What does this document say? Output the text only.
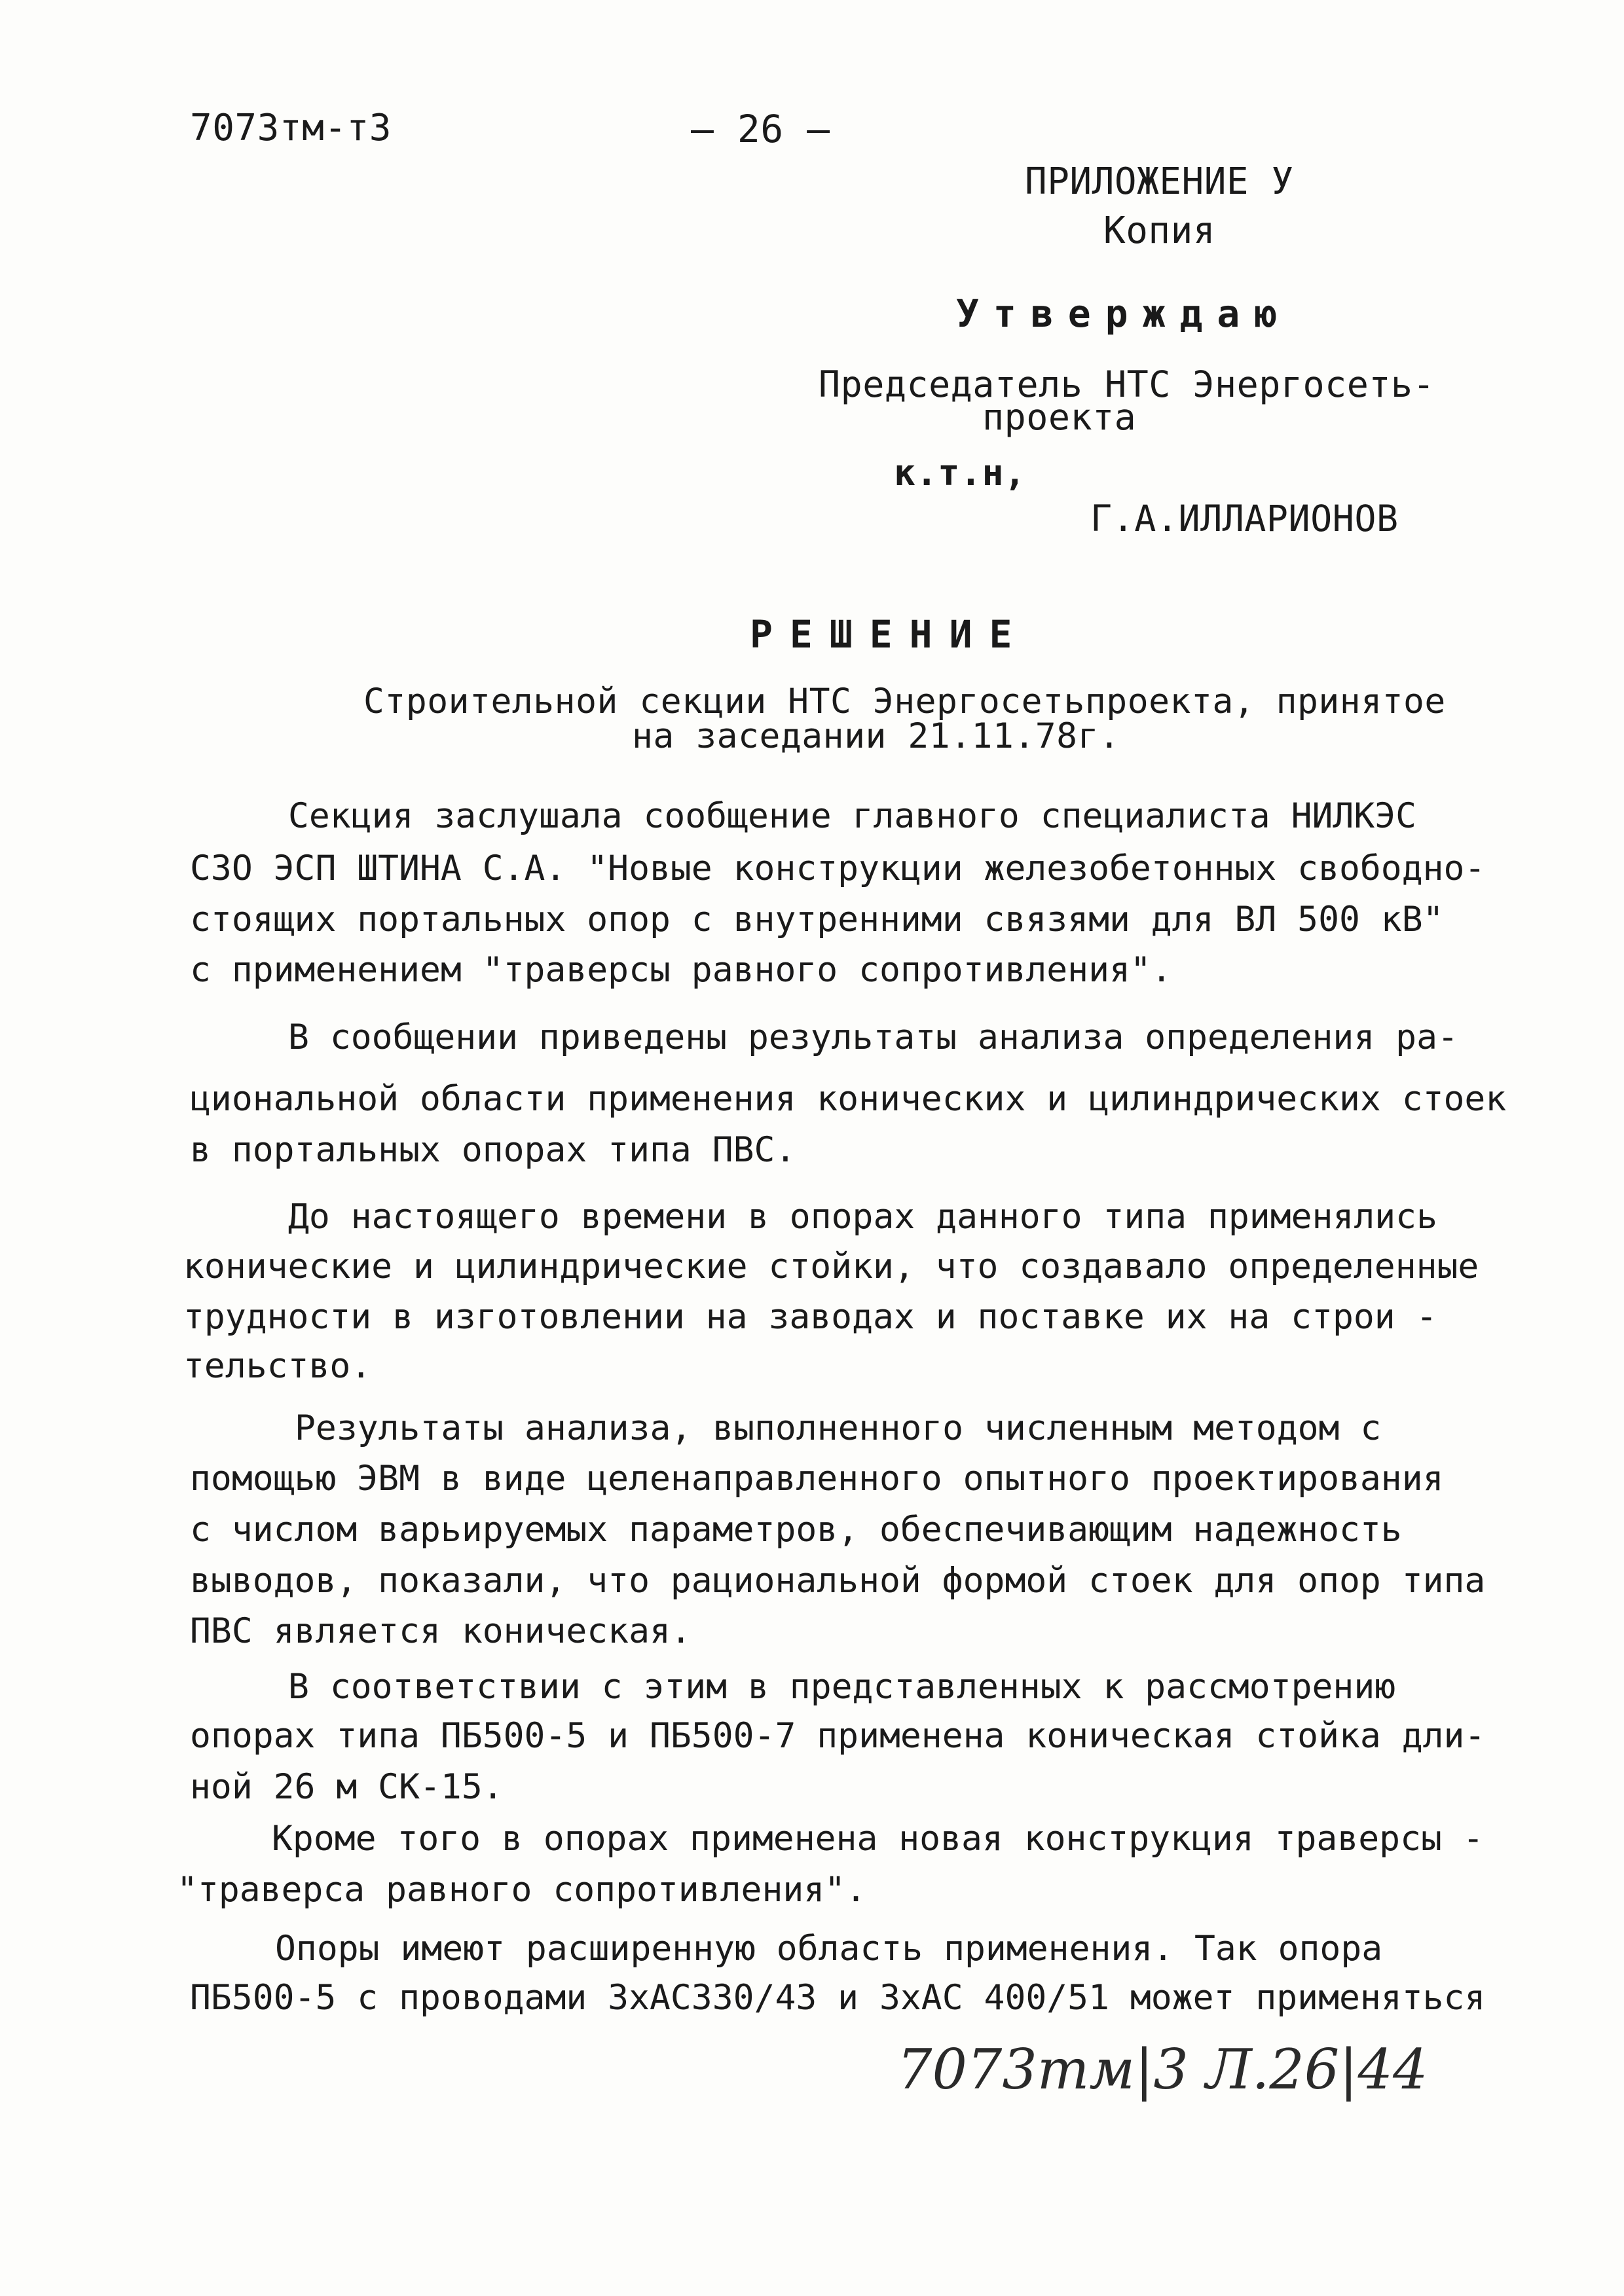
7073тм-т3	— 26 —
ПРИЛОЖЕНИЕ У
Копия
Утверждаю
Председатель НТС Энергосеть-
проекта
к.т.н,
Г.А.ИЛЛАРИОНОВ
РЕШЕНИЕ
Строительной секции НТС Энергосетьпроекта, принятое
на заседании 21.11.78г.
Секция заслушала сообщение главного специалиста НИЛКЭС
СЗО ЭСП ШТИНА С.А. "Новые конструкции железобетонных свободно-
стоящих портальных опор с внутренними связями для ВЛ 500 кВ"
с применением "траверсы равного сопротивления".
В сообщении приведены результаты анализа определения ра-
циональной области применения конических и цилиндрических стоек
в портальных опорах типа ПВС.
До настоящего времени в опорах данного типа применялись
конические и цилиндрические стойки, что создавало определенные
трудности в изготовлении на заводах и поставке их на строи -
тельство.
Результаты анализа, выполненного численным методом с
помощью ЭВМ в виде целенаправленного опытного проектирования
с числом варьируемых параметров, обеспечивающим надежность
выводов, показали, что рациональной формой стоек для опор типа
ПВС является коническая.
В соответствии с этим в представленных к рассмотрению
опорах типа ПБ500-5 и ПБ500-7 применена коническая стойка дли-
ной 26 м СК-15.
Кроме того в опорах применена новая конструкция траверсы -
"траверса равного сопротивления".
Опоры имеют расширенную область применения. Так опора
ПБ500-5 с проводами 3хАС330/43 и 3хАС 400/51 может применяться
7073тм|3 Л.26|44
